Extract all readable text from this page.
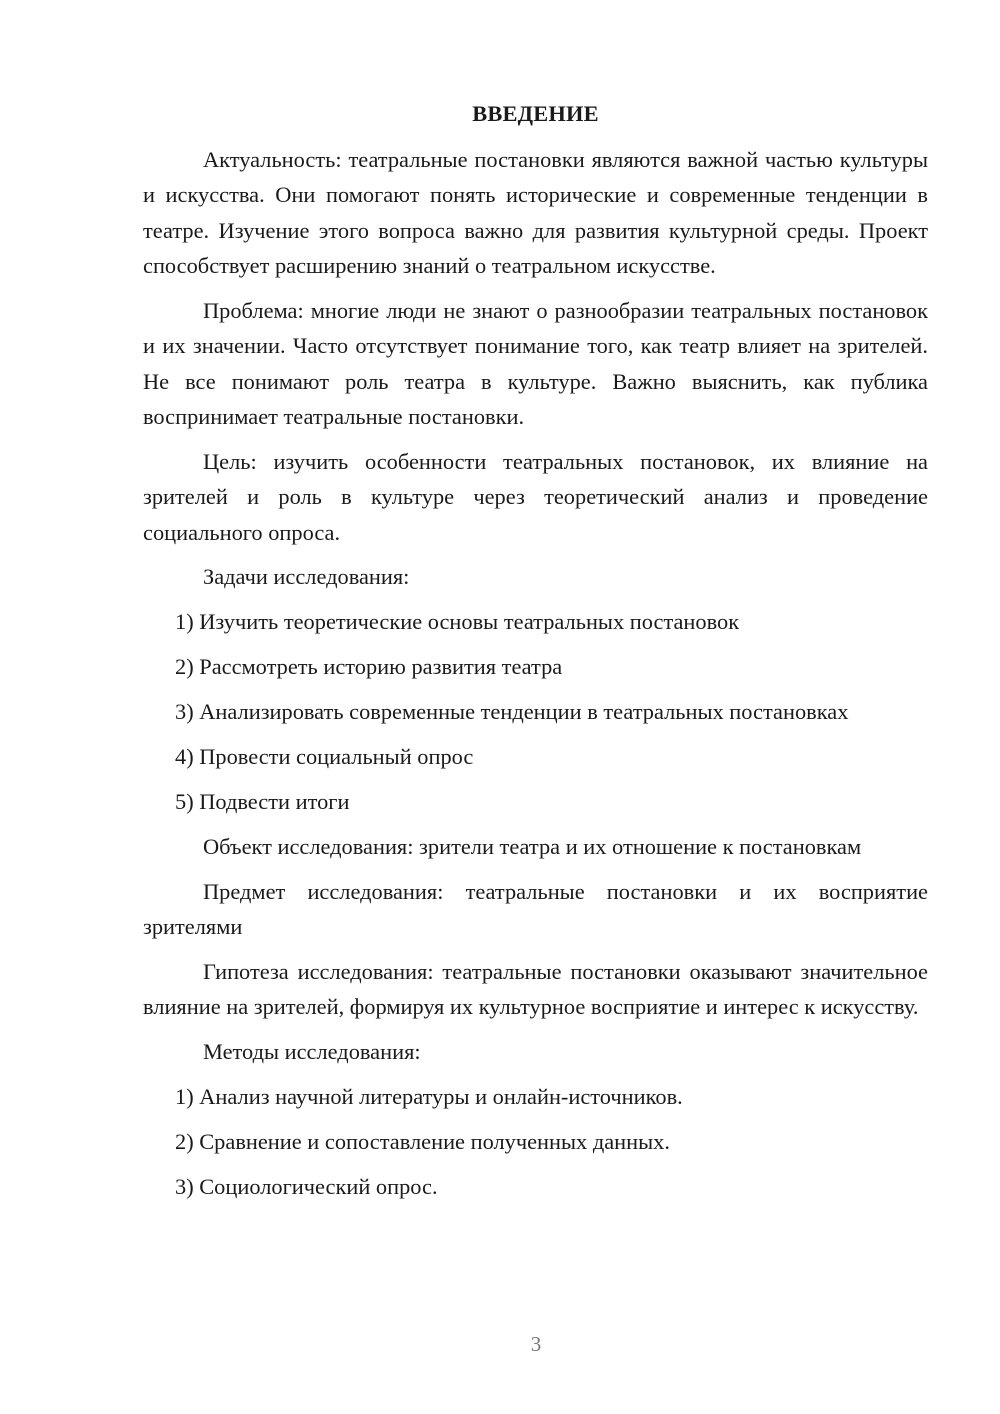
ВВЕДЕНИЕ

Актуальность: театральные постановки являются важной частью культуры и искусства. Они помогают понять исторические и современные тенденции в театре. Изучение этого вопроса важно для развития культурной среды. Проект способствует расширению знаний о театральном искусстве.

Проблема: многие люди не знают о разнообразии театральных постановок и их значении. Часто отсутствует понимание того, как театр влияет на зрителей. Не все понимают роль театра в культуре. Важно выяснить, как публика воспринимает театральные постановки.

Цель: изучить особенности театральных постановок, их влияние на зрителей и роль в культуре через теоретический анализ и проведение социального опроса.

Задачи исследования:
1) Изучить теоретические основы театральных постановок
2) Рассмотреть историю развития театра
3) Анализировать современные тенденции в театральных постановках
4) Провести социальный опрос
5) Подвести итоги

Объект исследования: зрители театра и их отношение к постановкам

Предмет исследования: театральные постановки и их восприятие зрителями

Гипотеза исследования: театральные постановки оказывают значительное влияние на зрителей, формируя их культурное восприятие и интерес к искусству.

Методы исследования:
1) Анализ научной литературы и онлайн-источников.
2) Сравнение и сопоставление полученных данных.
3) Социологический опрос.
3
